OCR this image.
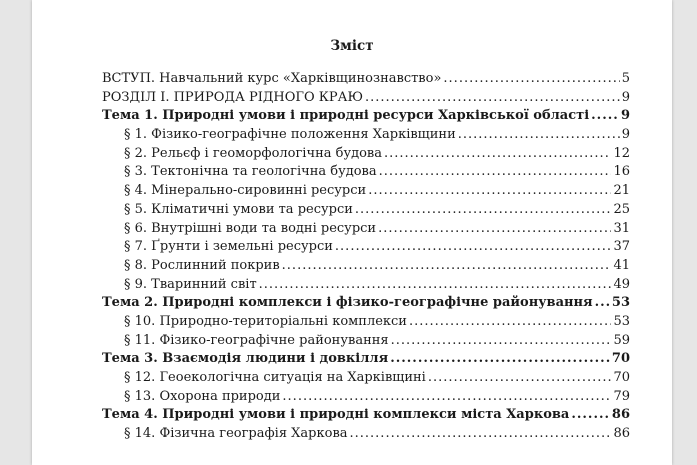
Зміст
ВСТУП. Навчальний курс «Харківщинознавство» .....	5
РОЗДІЛ І. ПРИРОДА РІДНОГО КРАЮ .....	9
Тема 1. Природні умови і природні ресурси Харківської області ..... 9
§ 1. Фізико-географічне положення Харківщини .....	9
§ 2. Рельєф і геоморфологічна будова .....	12
§ 3. Тектонічна та геологічна будова .....	16
§ 4. Мінерально-сировинні ресурси .....	21
§ 5. Кліматичні умови та ресурси .....	25
§ 6. Внутрішні води та водні ресурси .....	31
§ 7. Ґрунти і земельні ресурси .....	37
§ 8. Рослинний покрив .....	41
§ 9. Тваринний світ .....	49
Тема 2. Природні комплекси і фізико-географічне районування ..... 53
§ 10. Природно-територіальні комплекси .....	53
§ 11. Фізико-географічне районування .....	59
Тема 3. Взаємодія людини і довкілля .....	70
§ 12. Геоекологічна ситуація на Харківщині .....	70
§ 13. Охорона природи .....	79
Тема 4. Природні умови і природні комплекси міста Харкова .....	86
§ 14. Фізична географія Харкова .....	86
